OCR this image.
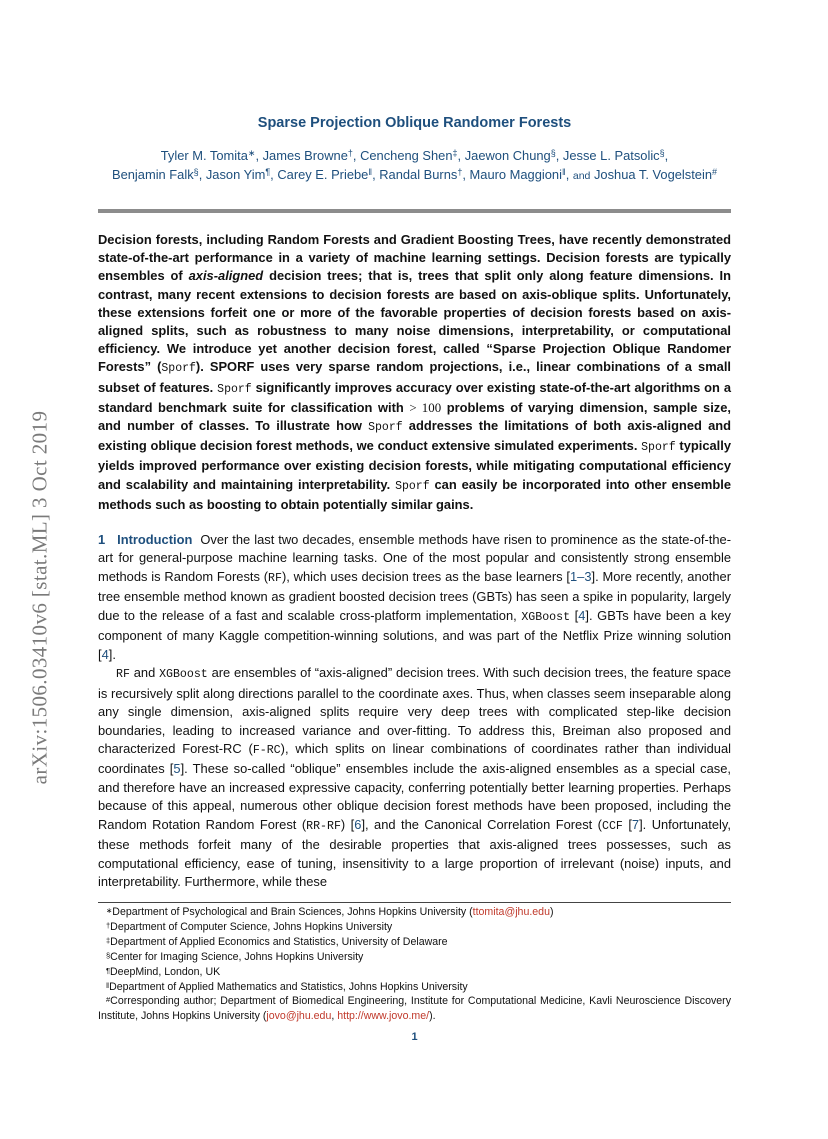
arXiv:1506.03410v6 [stat.ML] 3 Oct 2019
Sparse Projection Oblique Randomer Forests
Tyler M. Tomita∗, James Browne†, Cencheng Shen‡, Jaewon Chung§, Jesse L. Patsolic§,
Benjamin Falk§, Jason Yim¶, Carey E. Priebe‖, Randal Burns†, Mauro Maggioni‖, and Joshua T. Vogelstein#
Decision forests, including Random Forests and Gradient Boosting Trees, have recently demonstrated state-of-the-art performance in a variety of machine learning settings. Decision forests are typically ensembles of axis-aligned decision trees; that is, trees that split only along feature dimensions. In contrast, many recent extensions to decision forests are based on axis-oblique splits. Unfortunately, these extensions forfeit one or more of the favorable properties of decision forests based on axis-aligned splits, such as robustness to many noise dimensions, interpretability, or computational efficiency. We introduce yet another decision forest, called “Sparse Projection Oblique Randomer Forests” (Sporf). SPORF uses very sparse random projections, i.e., linear combinations of a small subset of features. Sporf significantly improves accuracy over existing state-of-the-art algorithms on a standard benchmark suite for classification with > 100 problems of varying dimension, sample size, and number of classes. To illustrate how Sporf addresses the limitations of both axis-aligned and existing oblique decision forest methods, we conduct extensive simulated experiments. Sporf typically yields improved performance over existing decision forests, while mitigating computational efficiency and scalability and maintaining interpretability. Sporf can easily be incorporated into other ensemble methods such as boosting to obtain potentially similar gains.

1 Introduction Over the last two decades, ensemble methods have risen to prominence as the state-of-the-art for general-purpose machine learning tasks. One of the most popular and consistently strong ensemble methods is Random Forests (RF), which uses decision trees as the base learners [1–3]. More recently, another tree ensemble method known as gradient boosted decision trees (GBTs) has seen a spike in popularity, largely due to the release of a fast and scalable cross-platform implementation, XGBoost [4]. GBTs have been a key component of many Kaggle competition-winning solutions, and was part of the Netflix Prize winning solution [4].

RF and XGBoost are ensembles of “axis-aligned” decision trees. With such decision trees, the feature space is recursively split along directions parallel to the coordinate axes. Thus, when classes seem inseparable along any single dimension, axis-aligned splits require very deep trees with complicated step-like decision boundaries, leading to increased variance and over-fitting. To address this, Breiman also proposed and characterized Forest-RC (F-RC), which splits on linear combinations of coordinates rather than individual coordinates [5]. These so-called “oblique” ensembles include the axis-aligned ensembles as a special case, and therefore have an increased expressive capacity, conferring potentially better learning properties. Perhaps because of this appeal, numerous other oblique decision forest methods have been proposed, including the Random Rotation Random Forest (RR-RF) [6], and the Canonical Correlation Forest (CCF [7]. Unfortunately, these methods forfeit many of the desirable properties that axis-aligned trees possesses, such as computational efficiency, ease of tuning, insensitivity to a large proportion of irrelevant (noise) inputs, and interpretability. Furthermore, while these

∗Department of Psychological and Brain Sciences, Johns Hopkins University (ttomita@jhu.edu)
†Department of Computer Science, Johns Hopkins University
‡Department of Applied Economics and Statistics, University of Delaware
§Center for Imaging Science, Johns Hopkins University
¶DeepMind, London, UK
‖Department of Applied Mathematics and Statistics, Johns Hopkins University
#Corresponding author; Department of Biomedical Engineering, Institute for Computational Medicine, Kavli Neuroscience Discovery Institute, Johns Hopkins University (jovo@jhu.edu, http://www.jovo.me/).
1
